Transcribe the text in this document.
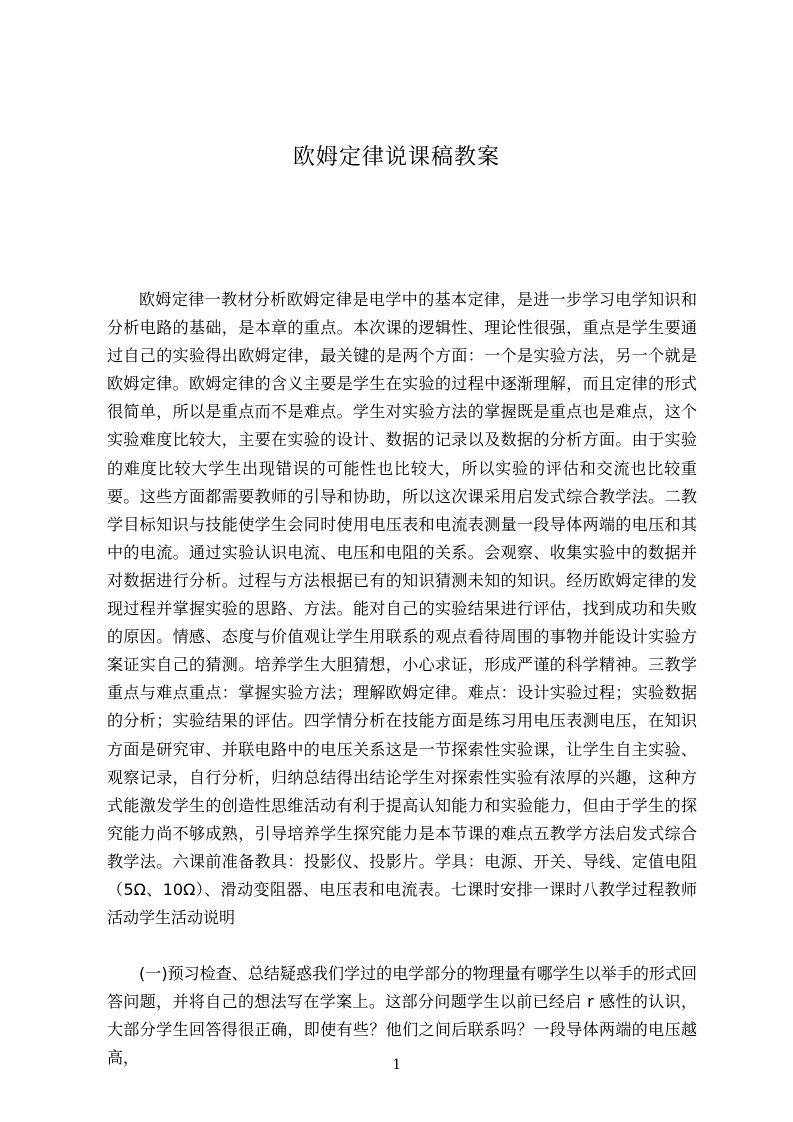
欧姆定律说课稿教案

欧姆定律一教材分析欧姆定律是电学中的基本定律，是进一步学习电学知识和分析电路的基础，是本章的重点。本次课的逻辑性、理论性很强，重点是学生要通过自己的实验得出欧姆定律，最关键的是两个方面：一个是实验方法，另一个就是欧姆定律。欧姆定律的含义主要是学生在实验的过程中逐渐理解，而且定律的形式很简单，所以是重点而不是难点。学生对实验方法的掌握既是重点也是难点，这个实验难度比较大，主要在实验的设计、数据的记录以及数据的分析方面。由于实验的难度比较大学生出现错误的可能性也比较大，所以实验的评估和交流也比较重要。这些方面都需要教师的引导和协助，所以这次课采用启发式综合教学法。二教学目标知识与技能使学生会同时使用电压表和电流表测量一段导体两端的电压和其中的电流。通过实验认识电流、电压和电阻的关系。会观察、收集实验中的数据并对数据进行分析。过程与方法根据已有的知识猜测未知的知识。经历欧姆定律的发现过程并掌握实验的思路、方法。能对自己的实验结果进行评估，找到成功和失败的原因。情感、态度与价值观让学生用联系的观点看待周围的事物并能设计实验方案证实自己的猜测。培养学生大胆猜想，小心求证，形成严谨的科学精神。三教学重点与难点重点：掌握实验方法；理解欧姆定律。难点：设计实验过程；实验数据的分析；实验结果的评估。四学情分析在技能方面是练习用电压表测电压，在知识方面是研究审、并联电路中的电压关系这是一节探索性实验课，让学生自主实验、观察记录，自行分析，归纳总结得出结论学生对探索性实验有浓厚的兴趣，这种方式能激发学生的创造性思维活动有利于提高认知能力和实验能力，但由于学生的探究能力尚不够成熟，引导培养学生探究能力是本节课的难点五教学方法启发式综合教学法。六课前准备教具：投影仪、投影片。学具：电源、开关、导线、定值电阻（5Ω、10Ω）、滑动变阻器、电压表和电流表。七课时安排一课时八教学过程教师活动学生活动说明

(一)预习检查、总结疑惑我们学过的电学部分的物理量有哪学生以举手的形式回答问题，并将自己的想法写在学案上。这部分问题学生以前已经启 r 感性的认识，大部分学生回答得很正确，即使有些？他们之间后联系吗？一段导体两端的电压越高，	1
